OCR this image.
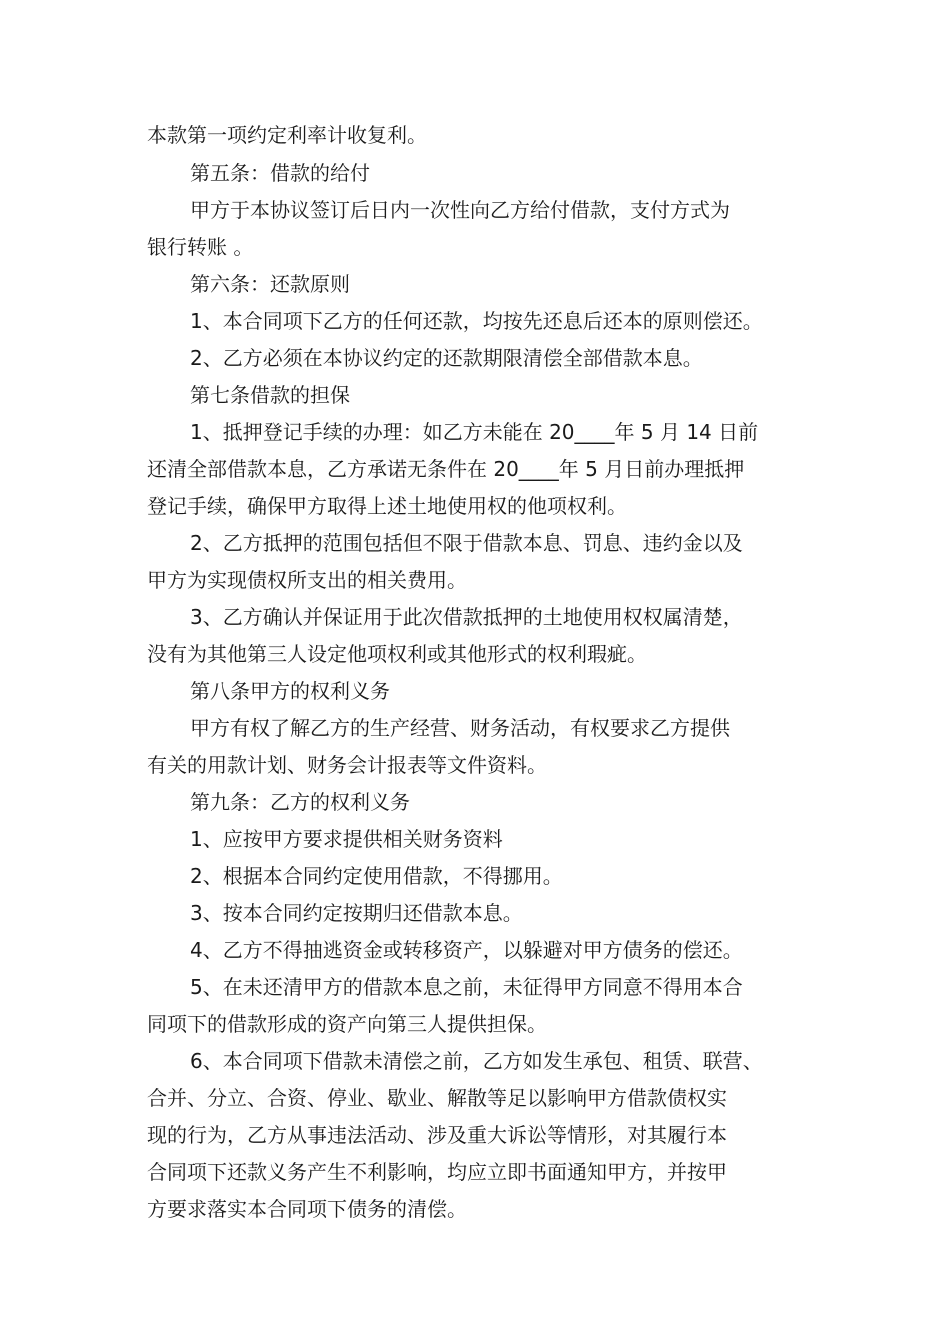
本款第一项约定利率计收复利。
第五条：借款的给付
甲方于本协议签订后日内一次性向乙方给付借款，支付方式为
银行转账 。
第六条：还款原则
1、本合同项下乙方的任何还款，均按先还息后还本的原则偿还。
2、乙方必须在本协议约定的还款期限清偿全部借款本息。
第七条借款的担保
1、抵押登记手续的办理：如乙方未能在 20____年 5 月 14 日前
还清全部借款本息，乙方承诺无条件在 20____年 5 月日前办理抵押
登记手续，确保甲方取得上述土地使用权的他项权利。
2、乙方抵押的范围包括但不限于借款本息、罚息、违约金以及
甲方为实现债权所支出的相关费用。
3、乙方确认并保证用于此次借款抵押的土地使用权权属清楚，
没有为其他第三人设定他项权利或其他形式的权利瑕疵。
第八条甲方的权利义务
甲方有权了解乙方的生产经营、财务活动，有权要求乙方提供
有关的用款计划、财务会计报表等文件资料。
第九条：乙方的权利义务
1、应按甲方要求提供相关财务资料
2、根据本合同约定使用借款，不得挪用。
3、按本合同约定按期归还借款本息。
4、乙方不得抽逃资金或转移资产，以躲避对甲方债务的偿还。
5、在未还清甲方的借款本息之前，未征得甲方同意不得用本合
同项下的借款形成的资产向第三人提供担保。
6、本合同项下借款未清偿之前，乙方如发生承包、租赁、联营、
合并、分立、合资、停业、歇业、解散等足以影响甲方借款债权实
现的行为，乙方从事违法活动、涉及重大诉讼等情形，对其履行本
合同项下还款义务产生不利影响，均应立即书面通知甲方，并按甲
方要求落实本合同项下债务的清偿。
